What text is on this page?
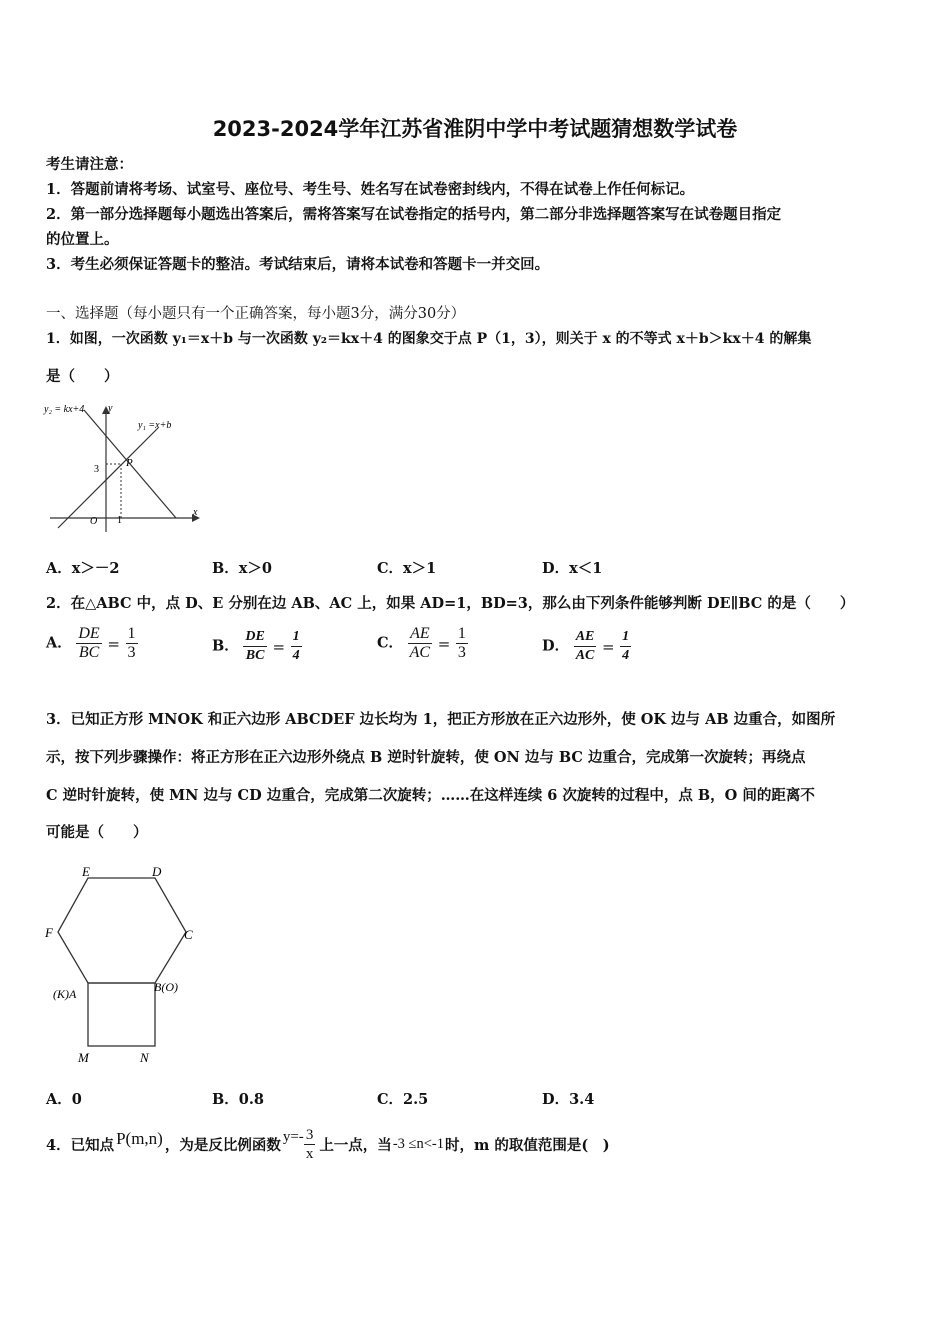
2023-2024学年江苏省淮阴中学中考试题猜想数学试卷
考生请注意：
1．答题前请将考场、试室号、座位号、考生号、姓名写在试卷密封线内，不得在试卷上作任何标记。
2．第一部分选择题每小题选出答案后，需将答案写在试卷指定的括号内，第二部分非选择题答案写在试卷题目指定
的位置上。
3．考生必须保证答题卡的整洁。考试结束后，请将本试卷和答题卡一并交回。
一、选择题（每小题只有一个正确答案，每小题3分，满分30分）
1．如图，一次函数 y₁＝x＋b 与一次函数 y₂＝kx＋4 的图象交于点 P（1，3），则关于 x 的不等式 x＋b＞kx＋4 的解集
是（　　）
y₂ = kx+4
y₁ =x+b
P
3
O 1
x
y
A．x＞－2	B．x＞0	C．x＞1	D．x＜1
2．在△ABC 中，点 D、E 分别在边 AB、AC 上，如果 AD=1，BD=3，那么由下列条件能够判断 DE∥BC 的是（　　）
A． $\frac{DE}{BC} = \frac{1}{3}$	B． $\frac{DE}{BC} = \frac{1}{4}$	C． $\frac{AE}{AC} = \frac{1}{3}$	D． $\frac{AE}{AC} = \frac{1}{4}$
3．已知正方形 MNOK 和正六边形 ABCDEF 边长均为 1，把正方形放在正六边形外，使 OK 边与 AB 边重合，如图所
示，按下列步骤操作：将正方形在正六边形外绕点 B 逆时针旋转，使 ON 边与 BC 边重合，完成第一次旋转；再绕点
C 逆时针旋转，使 MN 边与 CD 边重合，完成第二次旋转；……在这样连续 6 次旋转的过程中，点 B，O 间的距离不
可能是（　　）
E	D
F	C
(K)A	B(O)
M	N
A．0	B．0.8	C．2.5	D．3.4
4．已知点 P(m,n) ，为是反比例函数 $y=- \frac{3}{x}$ 上一点，当 -3 ≤n<-1 时，m 的取值范围是(　)
